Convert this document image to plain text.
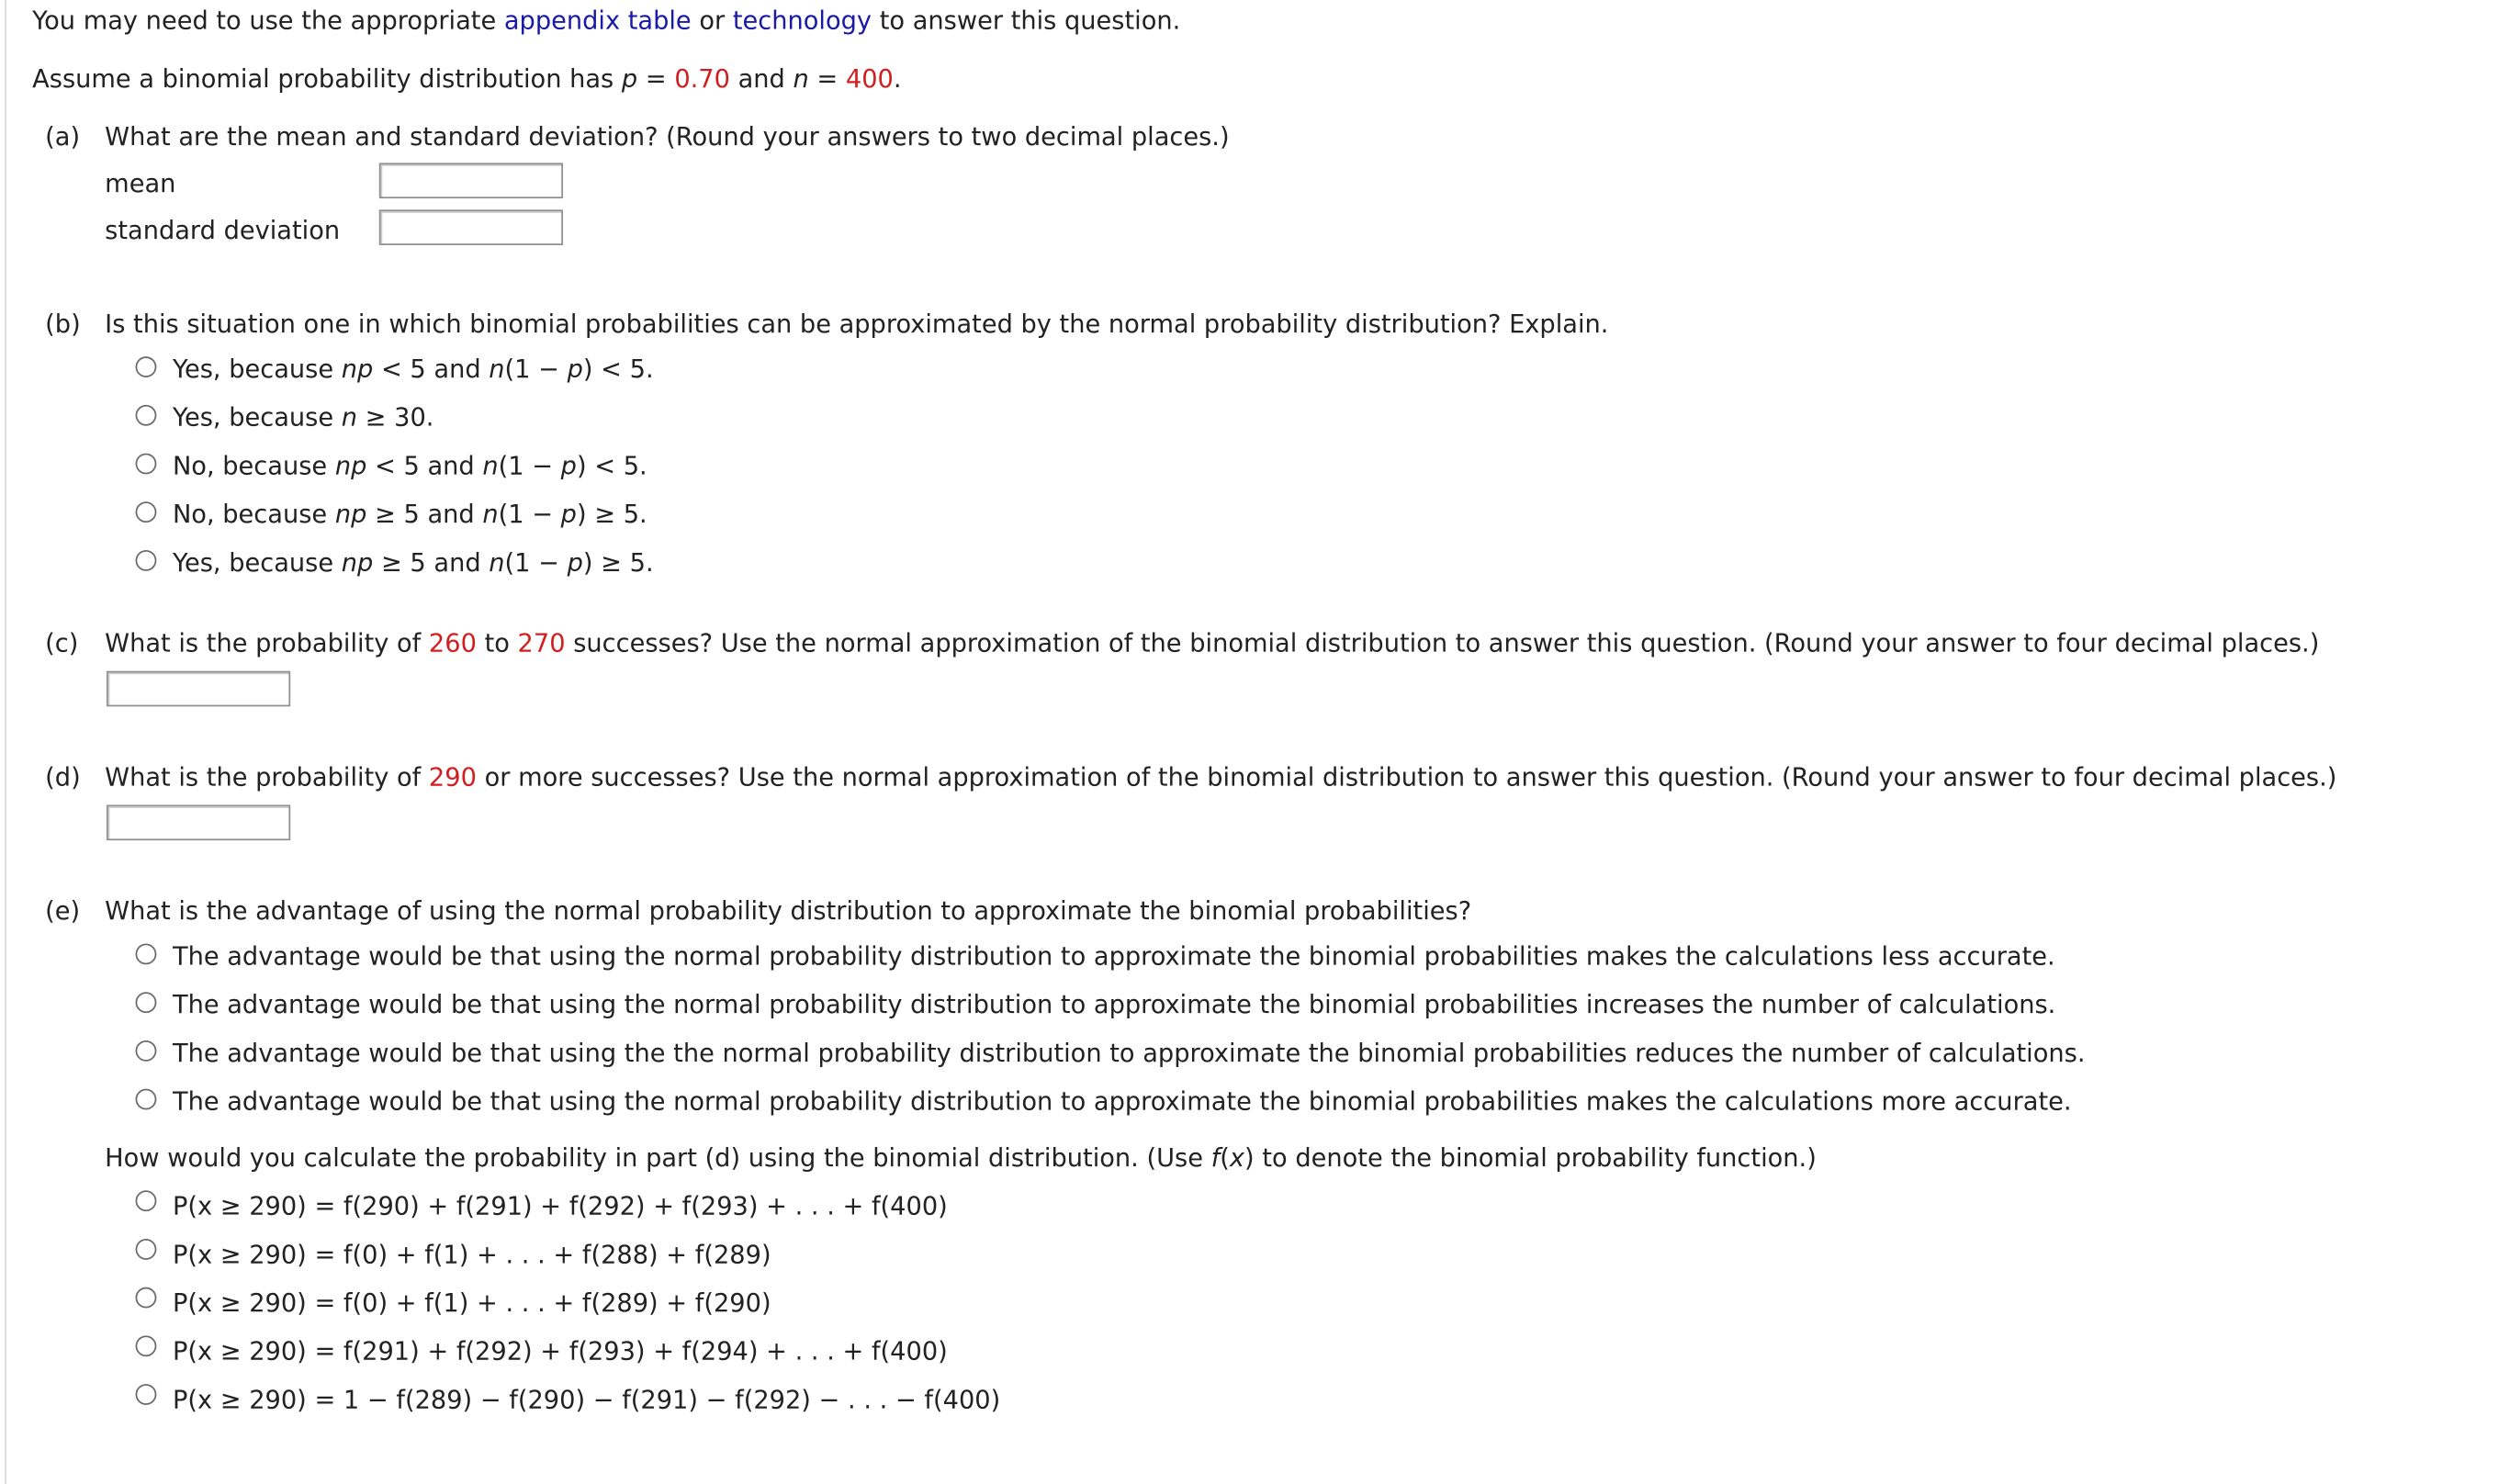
You may need to use the appropriate appendix table or technology to answer this question.
Assume a binomial probability distribution has p = 0.70 and n = 400.
(a) What are the mean and standard deviation? (Round your answers to two decimal places.)
mean
standard deviation
(b) Is this situation one in which binomial probabilities can be approximated by the normal probability distribution? Explain.
Yes, because np < 5 and n(1 − p) < 5.
Yes, because n ≥ 30.
No, because np < 5 and n(1 − p) < 5.
No, because np ≥ 5 and n(1 − p) ≥ 5.
Yes, because np ≥ 5 and n(1 − p) ≥ 5.
(c) What is the probability of 260 to 270 successes? Use the normal approximation of the binomial distribution to answer this question. (Round your answer to four decimal places.)
(d) What is the probability of 290 or more successes? Use the normal approximation of the binomial distribution to answer this question. (Round your answer to four decimal places.)
(e) What is the advantage of using the normal probability distribution to approximate the binomial probabilities?
The advantage would be that using the normal probability distribution to approximate the binomial probabilities makes the calculations less accurate.
The advantage would be that using the normal probability distribution to approximate the binomial probabilities increases the number of calculations.
The advantage would be that using the the normal probability distribution to approximate the binomial probabilities reduces the number of calculations.
The advantage would be that using the normal probability distribution to approximate the binomial probabilities makes the calculations more accurate.
How would you calculate the probability in part (d) using the binomial distribution. (Use f(x) to denote the binomial probability function.)
P(x ≥ 290) = f(290) + f(291) + f(292) + f(293) + . . . + f(400)
P(x ≥ 290) = f(0) + f(1) + . . . + f(288) + f(289)
P(x ≥ 290) = f(0) + f(1) + . . . + f(289) + f(290)
P(x ≥ 290) = f(291) + f(292) + f(293) + f(294) + . . . + f(400)
P(x ≥ 290) = 1 − f(289) − f(290) − f(291) − f(292) − . . . − f(400)
